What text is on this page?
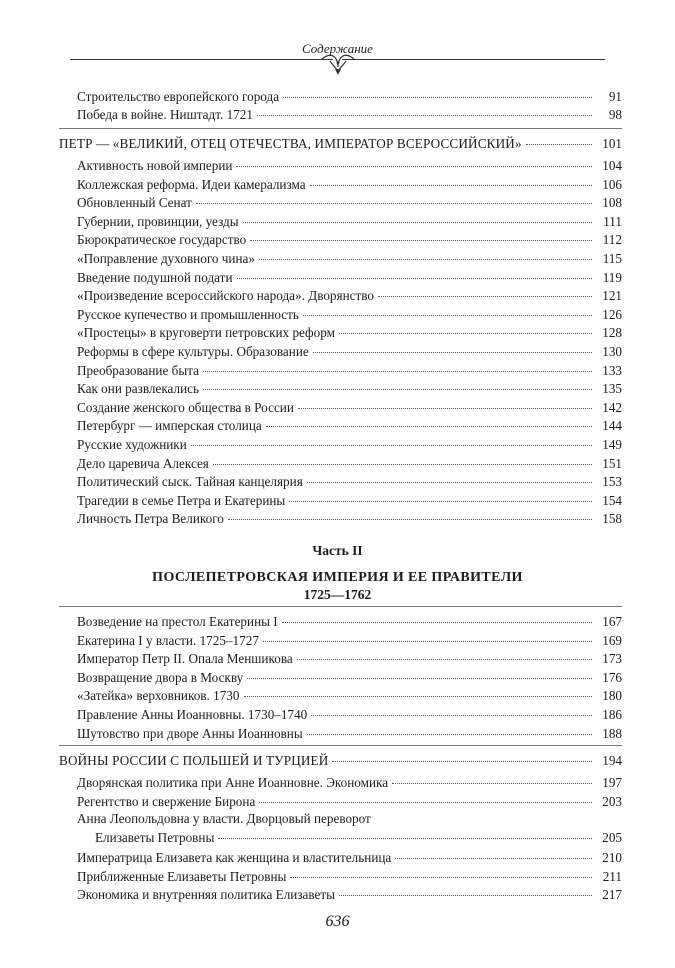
Содержание
Строительство европейского города	91
Победа в войне. Ништадт. 1721	98
ПЕТР — «ВЕЛИКИЙ, ОТЕЦ ОТЕЧЕСТВА, ИМПЕРАТОР ВСЕРОССИЙСКИЙ»	101
Активность новой империи	104
Коллежская реформа. Идеи камерализма	106
Обновленный Сенат	108
Губернии, провинции, уезды	111
Бюрократическое государство	112
«Поправление духовного чина»	115
Введение подушной подати	119
«Произведение всероссийского народа». Дворянство	121
Русское купечество и промышленность	126
«Простецы» в круговерти петровских реформ	128
Реформы в сфере культуры. Образование	130
Преобразование быта	133
Как они развлекались	135
Создание женского общества в России	142
Петербург — имперская столица	144
Русские художники	149
Дело царевича Алексея	151
Политический сыск. Тайная канцелярия	153
Трагедии в семье Петра и Екатерины	154
Личность Петра Великого	158
Часть II
ПОСЛЕПЕТРОВСКАЯ ИМПЕРИЯ И ЕЕ ПРАВИТЕЛИ
1725—1762
Возведение на престол Екатерины I	167
Екатерина I у власти. 1725–1727	169
Император Петр II. Опала Меншикова	173
Возвращение двора в Москву	176
«Затейка» верховников. 1730	180
Правление Анны Иоанновны. 1730–1740	186
Шутовство при дворе Анны Иоанновны	188
ВОЙНЫ РОССИИ С ПОЛЬШЕЙ И ТУРЦИЕЙ	194
Дворянская политика при Анне Иоанновне. Экономика	197
Регентство и свержение Бирона	203
Анна Леопольдовна у власти. Дворцовый переворот
Елизаветы Петровны	205
Императрица Елизавета как женщина и властительница	210
Приближенные Елизаветы Петровны	211
Экономика и внутренняя политика Елизаветы	217
636
